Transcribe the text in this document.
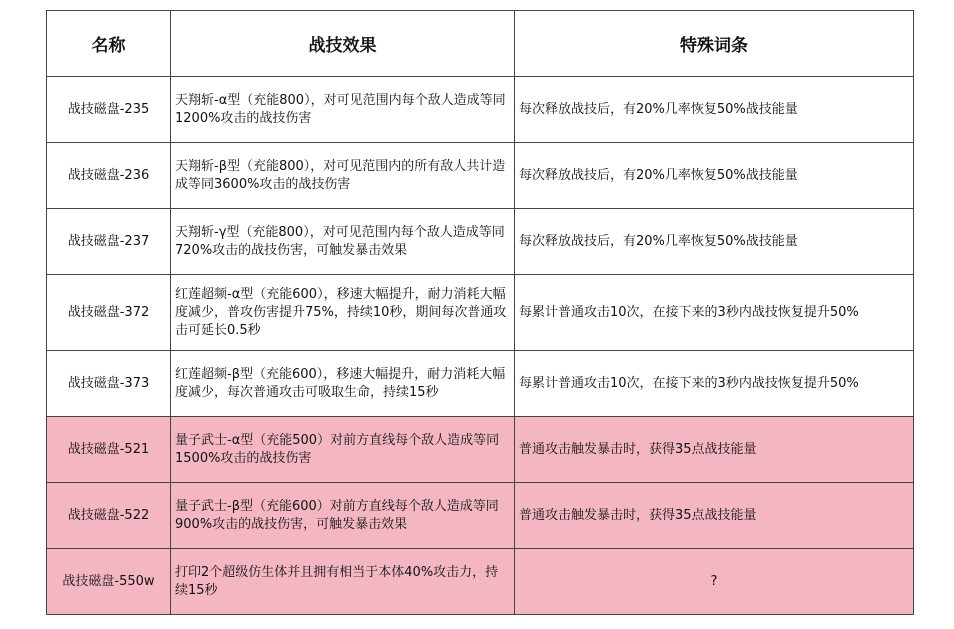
名称	战技效果	特殊词条
战技磁盘-235	天翔斩-α型（充能800），对可见范围内每个敌人造成等同1200%攻击的战技伤害	每次释放战技后，有20%几率恢复50%战技能量
战技磁盘-236	天翔斩-β型（充能800），对可见范围内的所有敌人共计造成等同3600%攻击的战技伤害	每次释放战技后，有20%几率恢复50%战技能量
战技磁盘-237	天翔斩-γ型（充能800），对可见范围内每个敌人造成等同720%攻击的战技伤害，可触发暴击效果	每次释放战技后，有20%几率恢复50%战技能量
战技磁盘-372	红莲超频-α型（充能600），移速大幅提升，耐力消耗大幅度减少，普攻伤害提升75%，持续10秒，期间每次普通攻击可延长0.5秒	每累计普通攻击10次，在接下来的3秒内战技恢复提升50%
战技磁盘-373	红莲超频-β型（充能600），移速大幅提升，耐力消耗大幅度减少，每次普通攻击可吸取生命，持续15秒	每累计普通攻击10次，在接下来的3秒内战技恢复提升50%
战技磁盘-521	量子武士-α型（充能500）对前方直线每个敌人造成等同1500%攻击的战技伤害	普通攻击触发暴击时，获得35点战技能量
战技磁盘-522	量子武士-β型（充能600）对前方直线每个敌人造成等同900%攻击的战技伤害，可触发暴击效果	普通攻击触发暴击时，获得35点战技能量
战技磁盘-550w	打印2个超级仿生体并且拥有相当于本体40%攻击力，持续15秒	?
